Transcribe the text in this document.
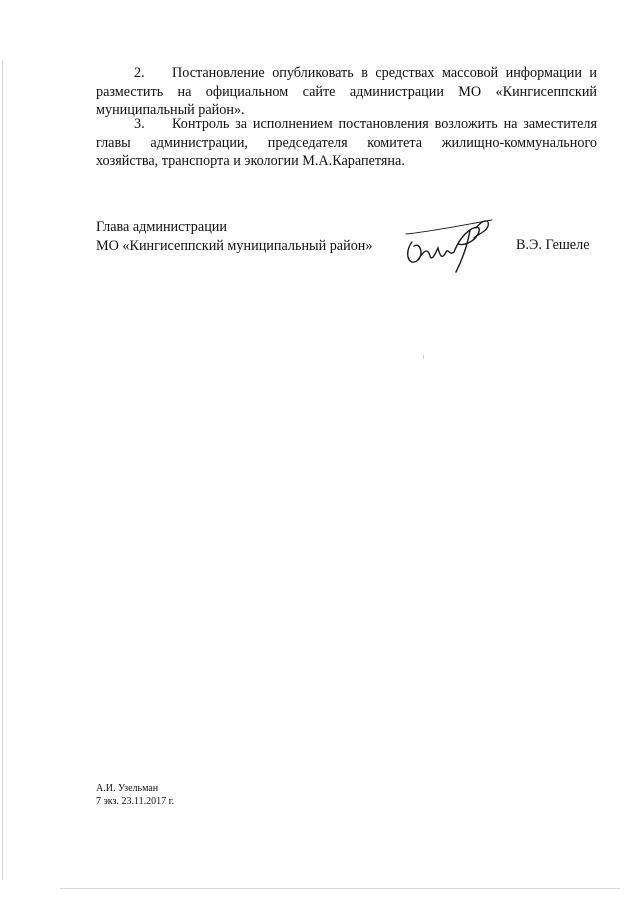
2. Постановление опубликовать в средствах массовой информации и разместить на официальном сайте администрации МО «Кингисеппский муниципальный район».

3. Контроль за исполнением постановления возложить на заместителя главы администрации, председателя комитета жилищно-коммунального хозяйства, транспорта и экологии М.А.Карапетяна.

Глава администрации
МО «Кингисеппский муниципальный район»	В.Э. Гешеле
А.И. Узельман
7 экз. 23.11.2017 г.
